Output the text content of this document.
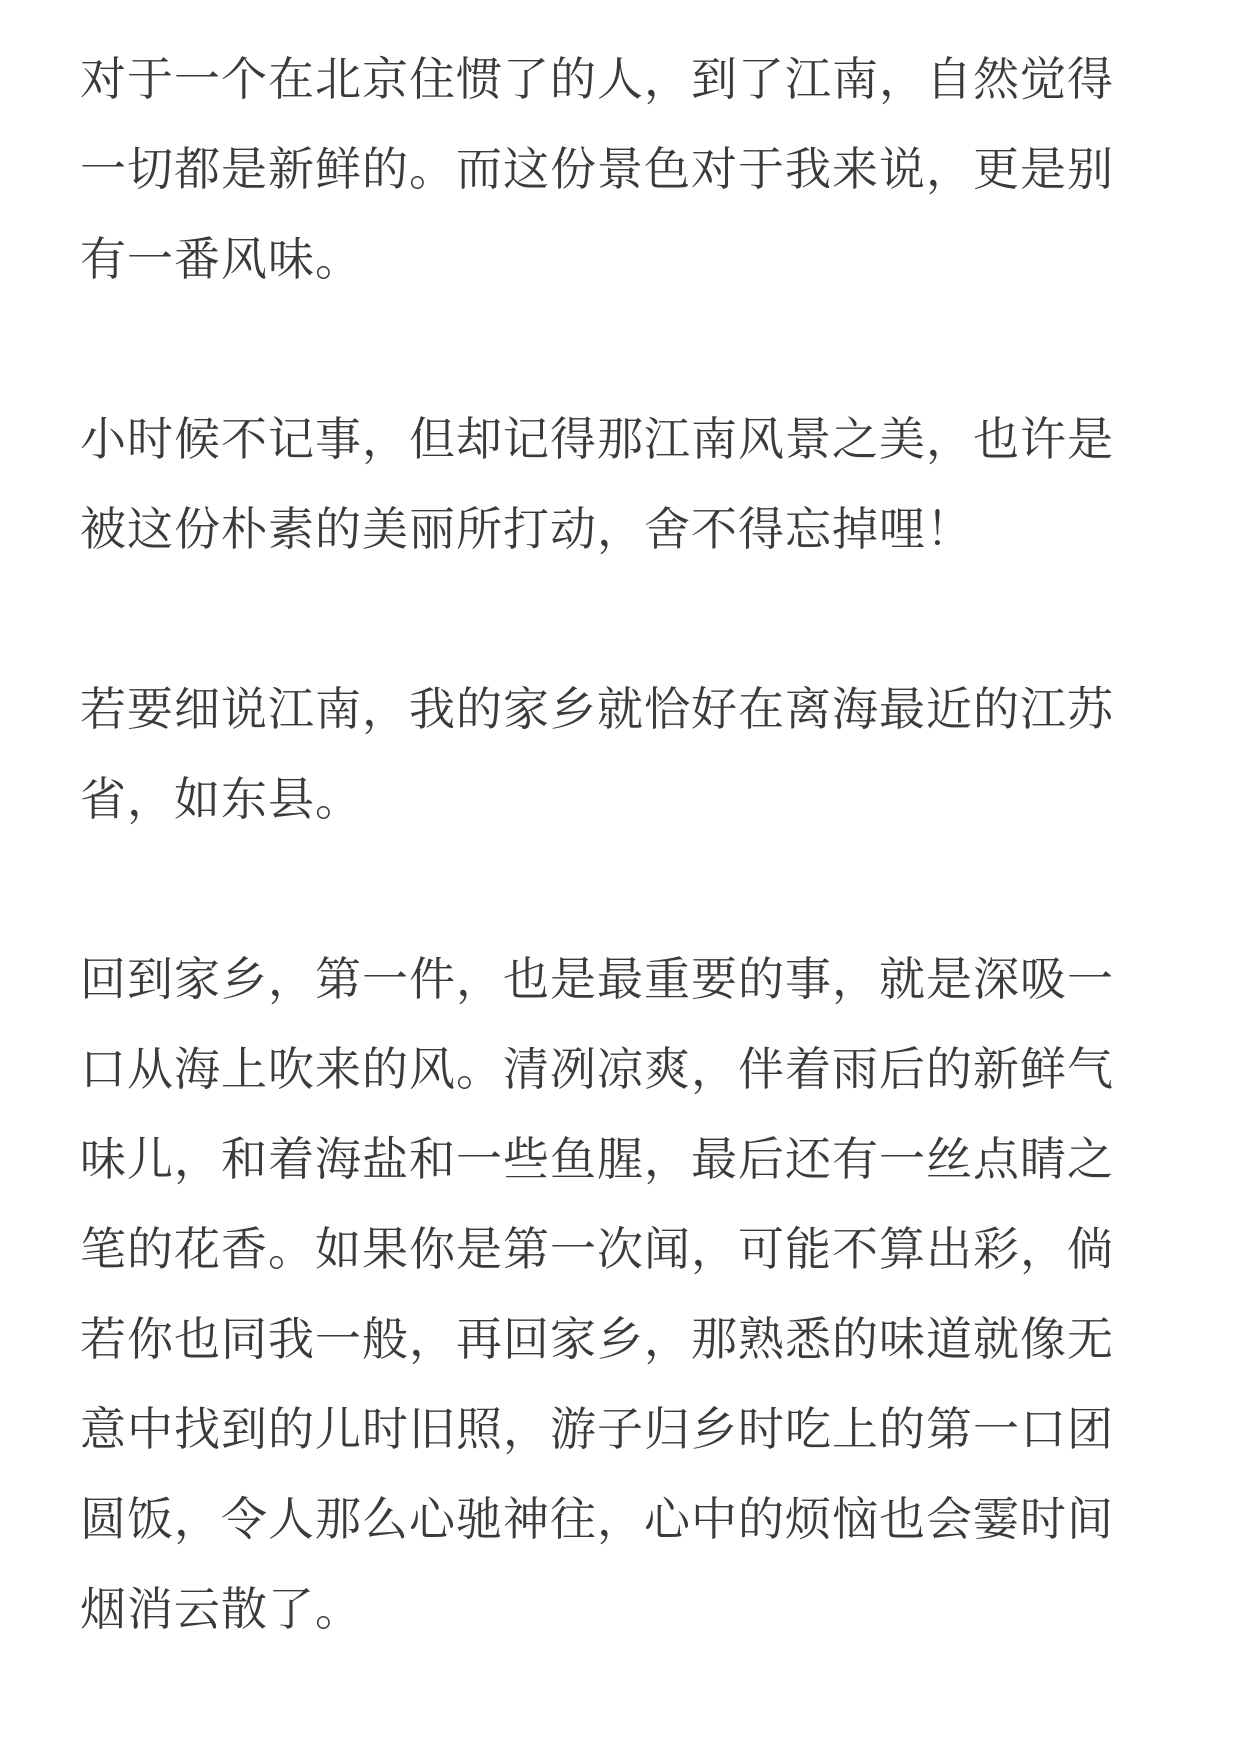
对于一个在北京住惯了的人，到了江南，自然觉得
一切都是新鲜的。而这份景色对于我来说，更是别
有一番风味。

小时候不记事，但却记得那江南风景之美，也许是
被这份朴素的美丽所打动，舍不得忘掉哩！

若要细说江南，我的家乡就恰好在离海最近的江苏
省，如东县。

回到家乡，第一件，也是最重要的事，就是深吸一
口从海上吹来的风。清冽凉爽，伴着雨后的新鲜气
味儿，和着海盐和一些鱼腥，最后还有一丝点睛之
笔的花香。如果你是第一次闻，可能不算出彩，倘
若你也同我一般，再回家乡，那熟悉的味道就像无
意中找到的儿时旧照，游子归乡时吃上的第一口团
圆饭，令人那么心驰神往，心中的烦恼也会霎时间
烟消云散了。
